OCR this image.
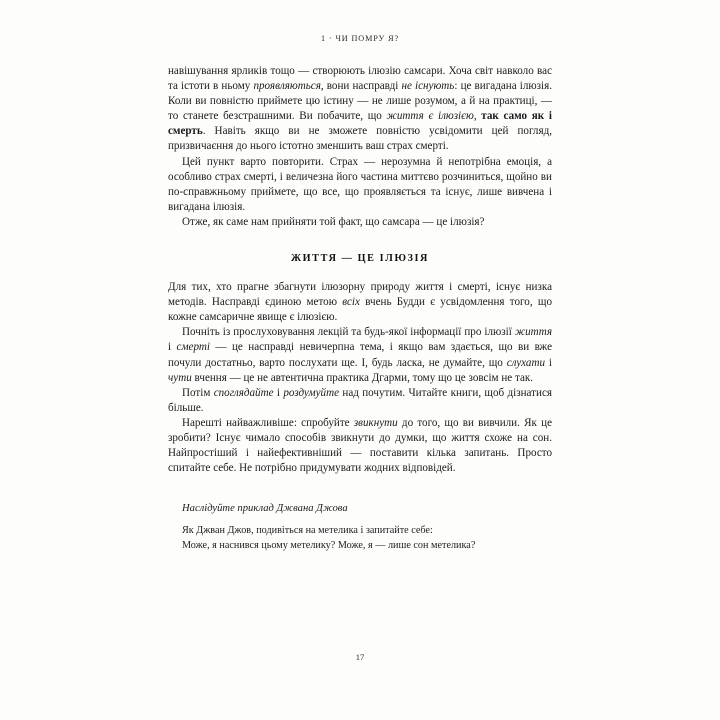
1 · ЧИ ПОМРУ Я?

навішування ярликів тощо — створюють ілюзію самсари. Хоча світ навколо вас та істоти в ньому проявляються, вони насправді не існують: це вигадана ілюзія. Коли ви повністю приймете цю істину — не лише розумом, а й на практиці, — то станете безстрашними. Ви побачите, що життя є ілюзією, так само як і смерть. Навіть якщо ви не зможете повністю усвідомити цей погляд, призвичаєння до нього істотно зменшить ваш страх смерті.

Цей пункт варто повторити. Страх — нерозумна й непотрібна емоція, а особливо страх смерті, і величезна його частина миттєво розчиниться, щойно ви по-справжньому приймете, що все, що проявляється та існує, лише вивчена і вигадана ілюзія.

Отже, як саме нам прийняти той факт, що самсара — це ілюзія?

ЖИТТЯ — ЦЕ ІЛЮЗІЯ

Для тих, хто прагне збагнути ілюзорну природу життя і смерті, існує низка методів. Насправді єдиною метою всіх вчень Будди є усвідомлення того, що кожне самсаричне явище є ілюзією.

Почніть із прослуховування лекцій та будь-якої інформації про ілюзії життя і смерті — це насправді невичерпна тема, і якщо вам здається, що ви вже почули достатньо, варто послухати ще. І, будь ласка, не думайте, що слухати і чути вчення — це не автентична практика Дгарми, тому що це зовсім не так.

Потім споглядайте і роздумуйте над почутим. Читайте книги, щоб дізнатися більше.

Нарешті найважливіше: спробуйте звикнути до того, що ви вивчили. Як це зробити? Існує чимало способів звикнути до думки, що життя схоже на сон. Найпростіший і найефективніший — поставити кілька запитань. Просто спитайте себе. Не потрібно придумувати жодних відповідей.

Наслідуйте приклад Джвана Джова

Як Джван Джов, подивіться на метелика і запитайте себе:

Може, я наснився цьому метелику? Може, я — лише сон метелика?

17
